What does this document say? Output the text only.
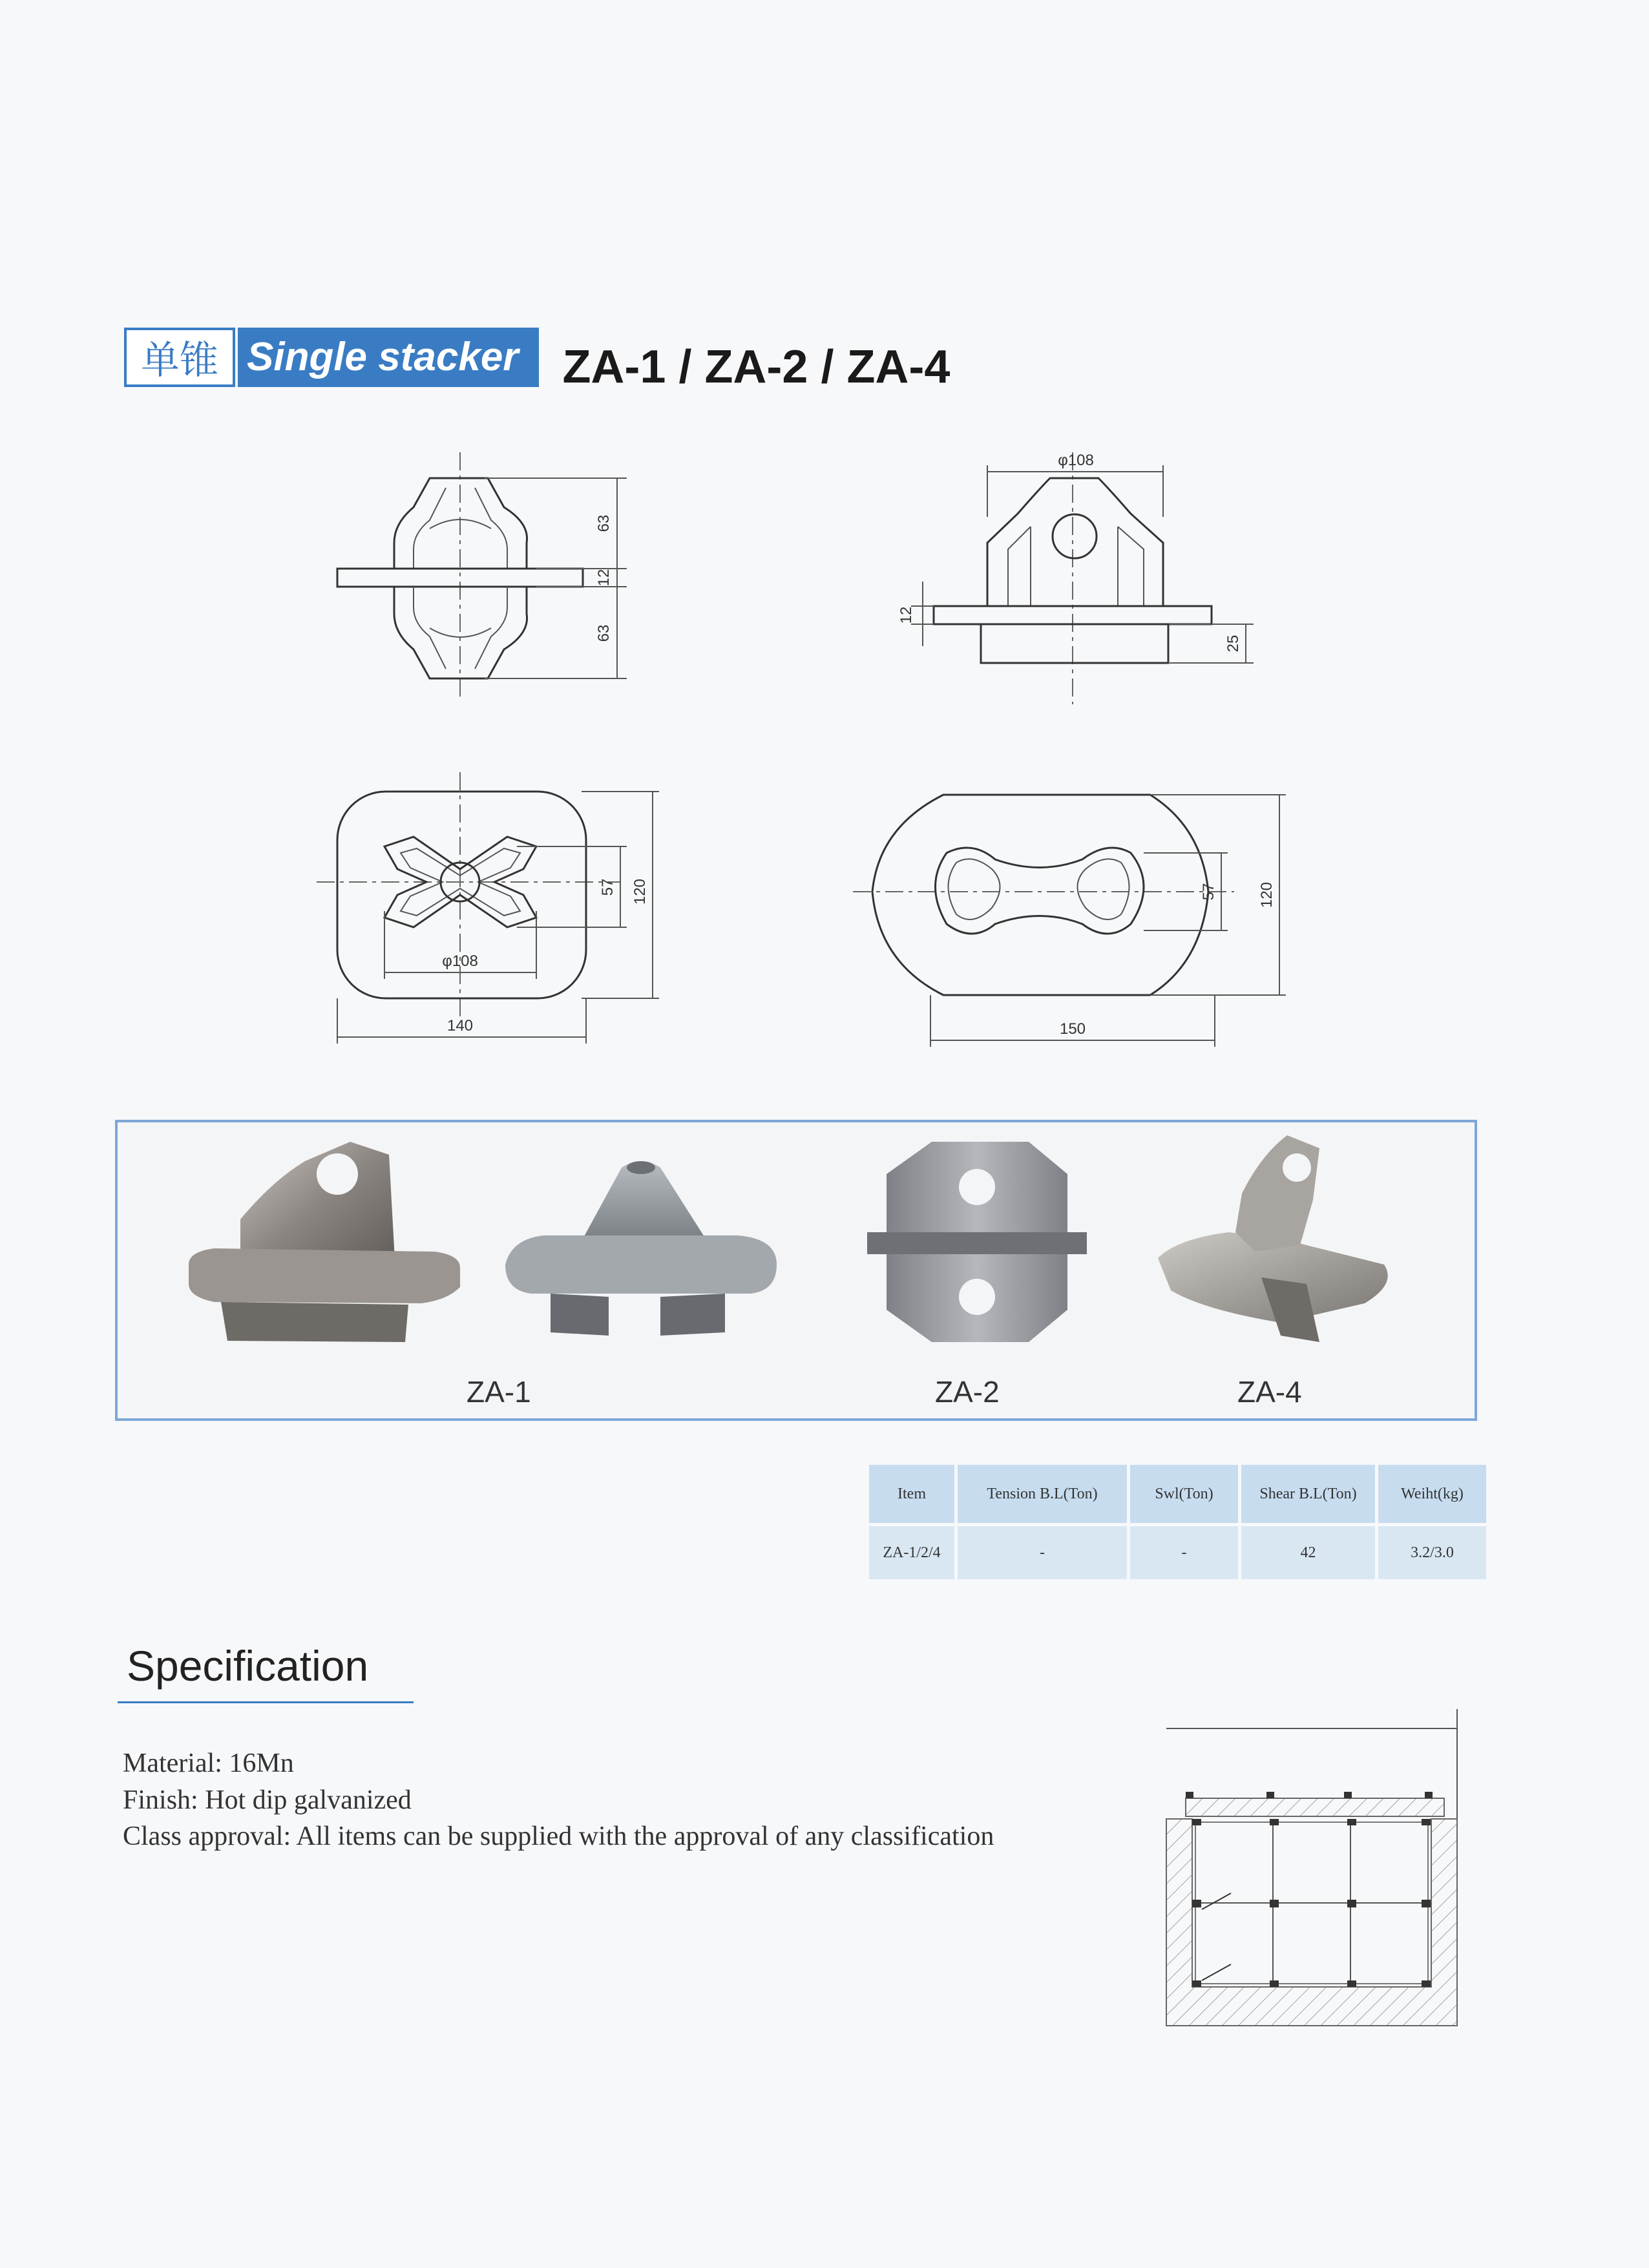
单锥 Single stacker ZA-1 / ZA-2 / ZA-4
63
12
63
57 120
φ108
140
φ108
12
25
57	120
150
ZA-1	ZA-2	ZA-4
Item	Tension B.L(Ton)	Swl(Ton)	Shear B.L(Ton)	Weiht(kg)
ZA-1/2/4	-	-	42	3.2/3.0
Specification
Material: 16Mn
Finish: Hot dip galvanized
Class approval: All items can be supplied with the approval of any classification
